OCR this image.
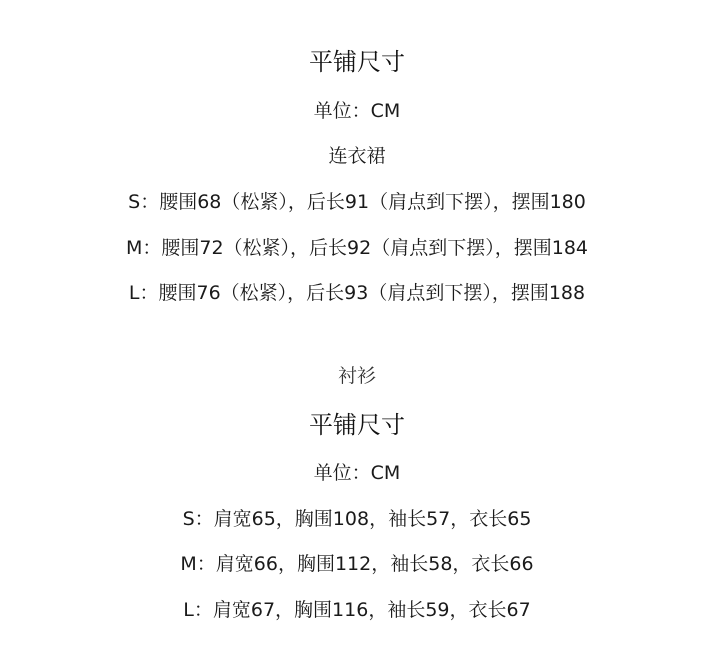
平铺尺寸
单位：CM
连衣裙
S：腰围68（松紧），后长91（肩点到下摆），摆围180
M：腰围72（松紧），后长92（肩点到下摆），摆围184
L：腰围76（松紧），后长93（肩点到下摆），摆围188
衬衫
平铺尺寸
单位：CM
S：肩宽65，胸围108，袖长57，衣长65
M：肩宽66，胸围112，袖长58，衣长66
L：肩宽67，胸围116，袖长59，衣长67
